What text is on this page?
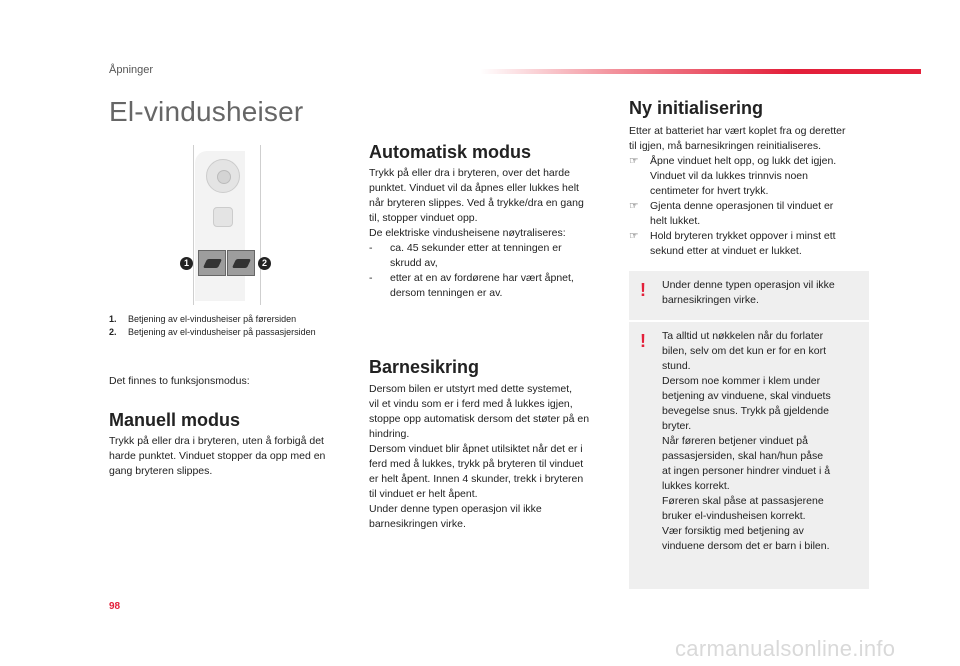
Åpninger
El-vindusheiser
1	2
1. Betjening av el-vindusheiser på førersiden
2. Betjening av el-vindusheiser på passasjersiden
Det finnes to funksjonsmodus:
Manuell modus
Trykk på eller dra i bryteren, uten å forbigå det
harde punktet. Vinduet stopper da opp med en
gang bryteren slippes.
Automatisk modus
Trykk på eller dra i bryteren, over det harde
punktet. Vinduet vil da åpnes eller lukkes helt
når bryteren slippes. Ved å trykke/dra en gang
til, stopper vinduet opp.
De elektriske vindusheisene nøytraliseres:
- ca. 45 sekunder etter at tenningen er
skrudd av,
- etter at en av fordørene har vært åpnet,
dersom tenningen er av.
Barnesikring
Dersom bilen er utstyrt med dette systemet,
vil et vindu som er i ferd med å lukkes igjen,
stoppe opp automatisk dersom det støter på en
hindring.
Dersom vinduet blir åpnet utilsiktet når det er i
ferd med å lukkes, trykk på bryteren til vinduet
er helt åpent. Innen 4 skunder, trekk i bryteren
til vinduet er helt åpent.
Under denne typen operasjon vil ikke
barnesikringen virke.
Ny initialisering
Etter at batteriet har vært koplet fra og deretter
til igjen, må barnesikringen reinitialiseres.
☞ Åpne vinduet helt opp, og lukk det igjen.
Vinduet vil da lukkes trinnvis noen
centimeter for hvert trykk.
☞ Gjenta denne operasjonen til vinduet er
helt lukket.
☞ Hold bryteren trykket oppover i minst ett
sekund etter at vinduet er lukket.
! Under denne typen operasjon vil ikke
barnesikringen virke.
! Ta alltid ut nøkkelen når du forlater
bilen, selv om det kun er for en kort
stund.
Dersom noe kommer i klem under
betjening av vinduene, skal vinduets
bevegelse snus. Trykk på gjeldende
bryter.
Når føreren betjener vinduet på
passasjersiden, skal han/hun påse
at ingen personer hindrer vinduet i å
lukkes korrekt.
Føreren skal påse at passasjerene
bruker el-vindusheisen korrekt.
Vær forsiktig med betjening av
vinduene dersom det er barn i bilen.
98
carmanualsonline.info
